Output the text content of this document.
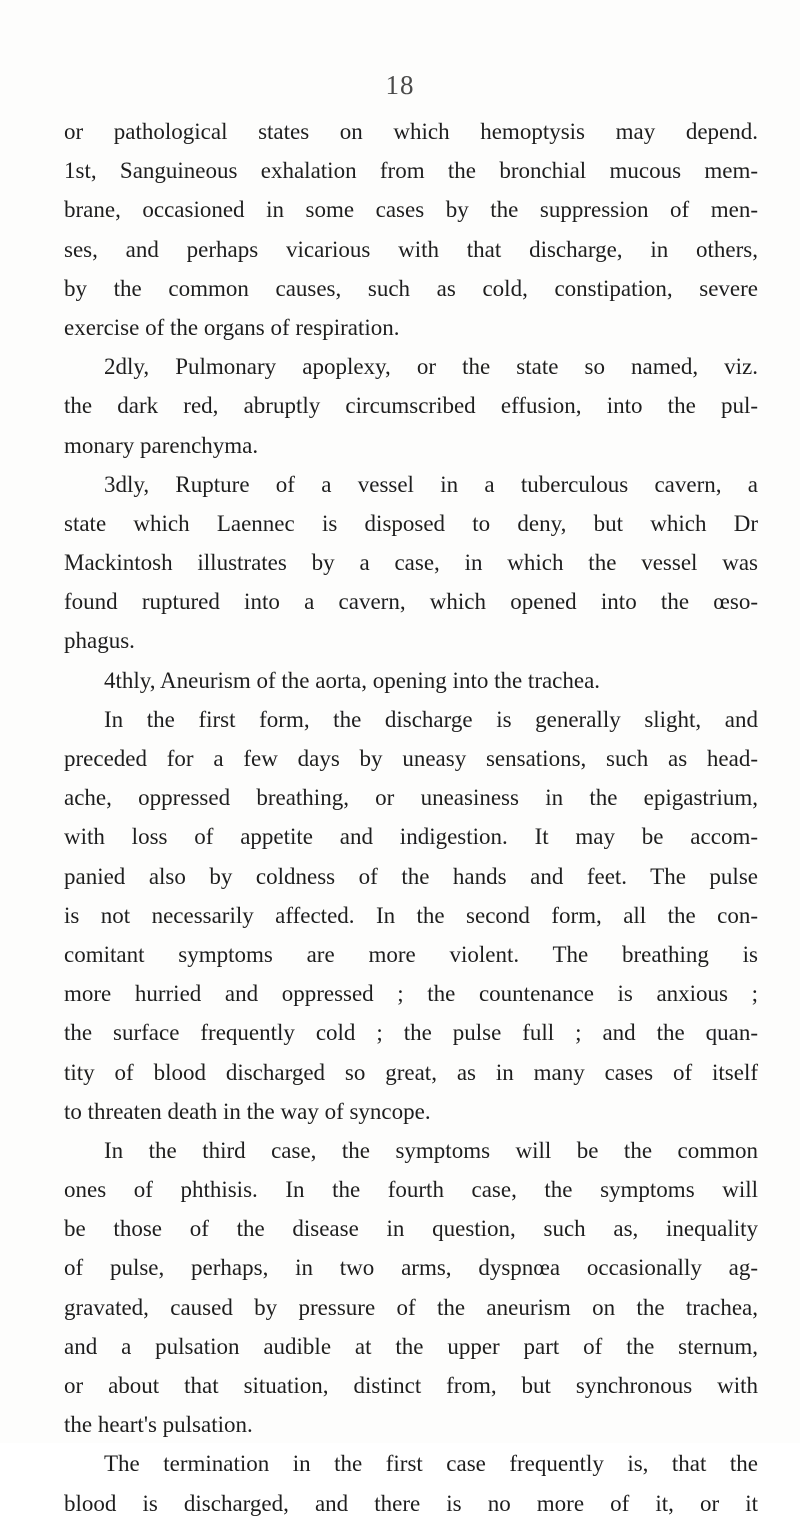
18
or pathological states on which hemoptysis may depend.
1st, Sanguineous exhalation from the bronchial mucous mem-
brane, occasioned in some cases by the suppression of men-
ses, and perhaps vicarious with that discharge, in others,
by the common causes, such as cold, constipation, severe
exercise of the organs of respiration.
2dly, Pulmonary apoplexy, or the state so named, viz.
the dark red, abruptly circumscribed effusion, into the pul-
monary parenchyma.
3dly, Rupture of a vessel in a tuberculous cavern, a
state which Laennec is disposed to deny, but which Dr
Mackintosh illustrates by a case, in which the vessel was
found ruptured into a cavern, which opened into the œso-
phagus.
4thly, Aneurism of the aorta, opening into the trachea.
In the first form, the discharge is generally slight, and
preceded for a few days by uneasy sensations, such as head-
ache, oppressed breathing, or uneasiness in the epigastrium,
with loss of appetite and indigestion. It may be accom-
panied also by coldness of the hands and feet. The pulse
is not necessarily affected. In the second form, all the con-
comitant symptoms are more violent. The breathing is
more hurried and oppressed ; the countenance is anxious ;
the surface frequently cold ; the pulse full ; and the quan-
tity of blood discharged so great, as in many cases of itself
to threaten death in the way of syncope.
In the third case, the symptoms will be the common
ones of phthisis. In the fourth case, the symptoms will
be those of the disease in question, such as, inequality
of pulse, perhaps, in two arms, dyspnœa occasionally ag-
gravated, caused by pressure of the aneurism on the trachea,
and a pulsation audible at the upper part of the sternum,
or about that situation, distinct from, but synchronous with
the heart's pulsation.
The termination in the first case frequently is, that the
blood is discharged, and there is no more of it, or it
